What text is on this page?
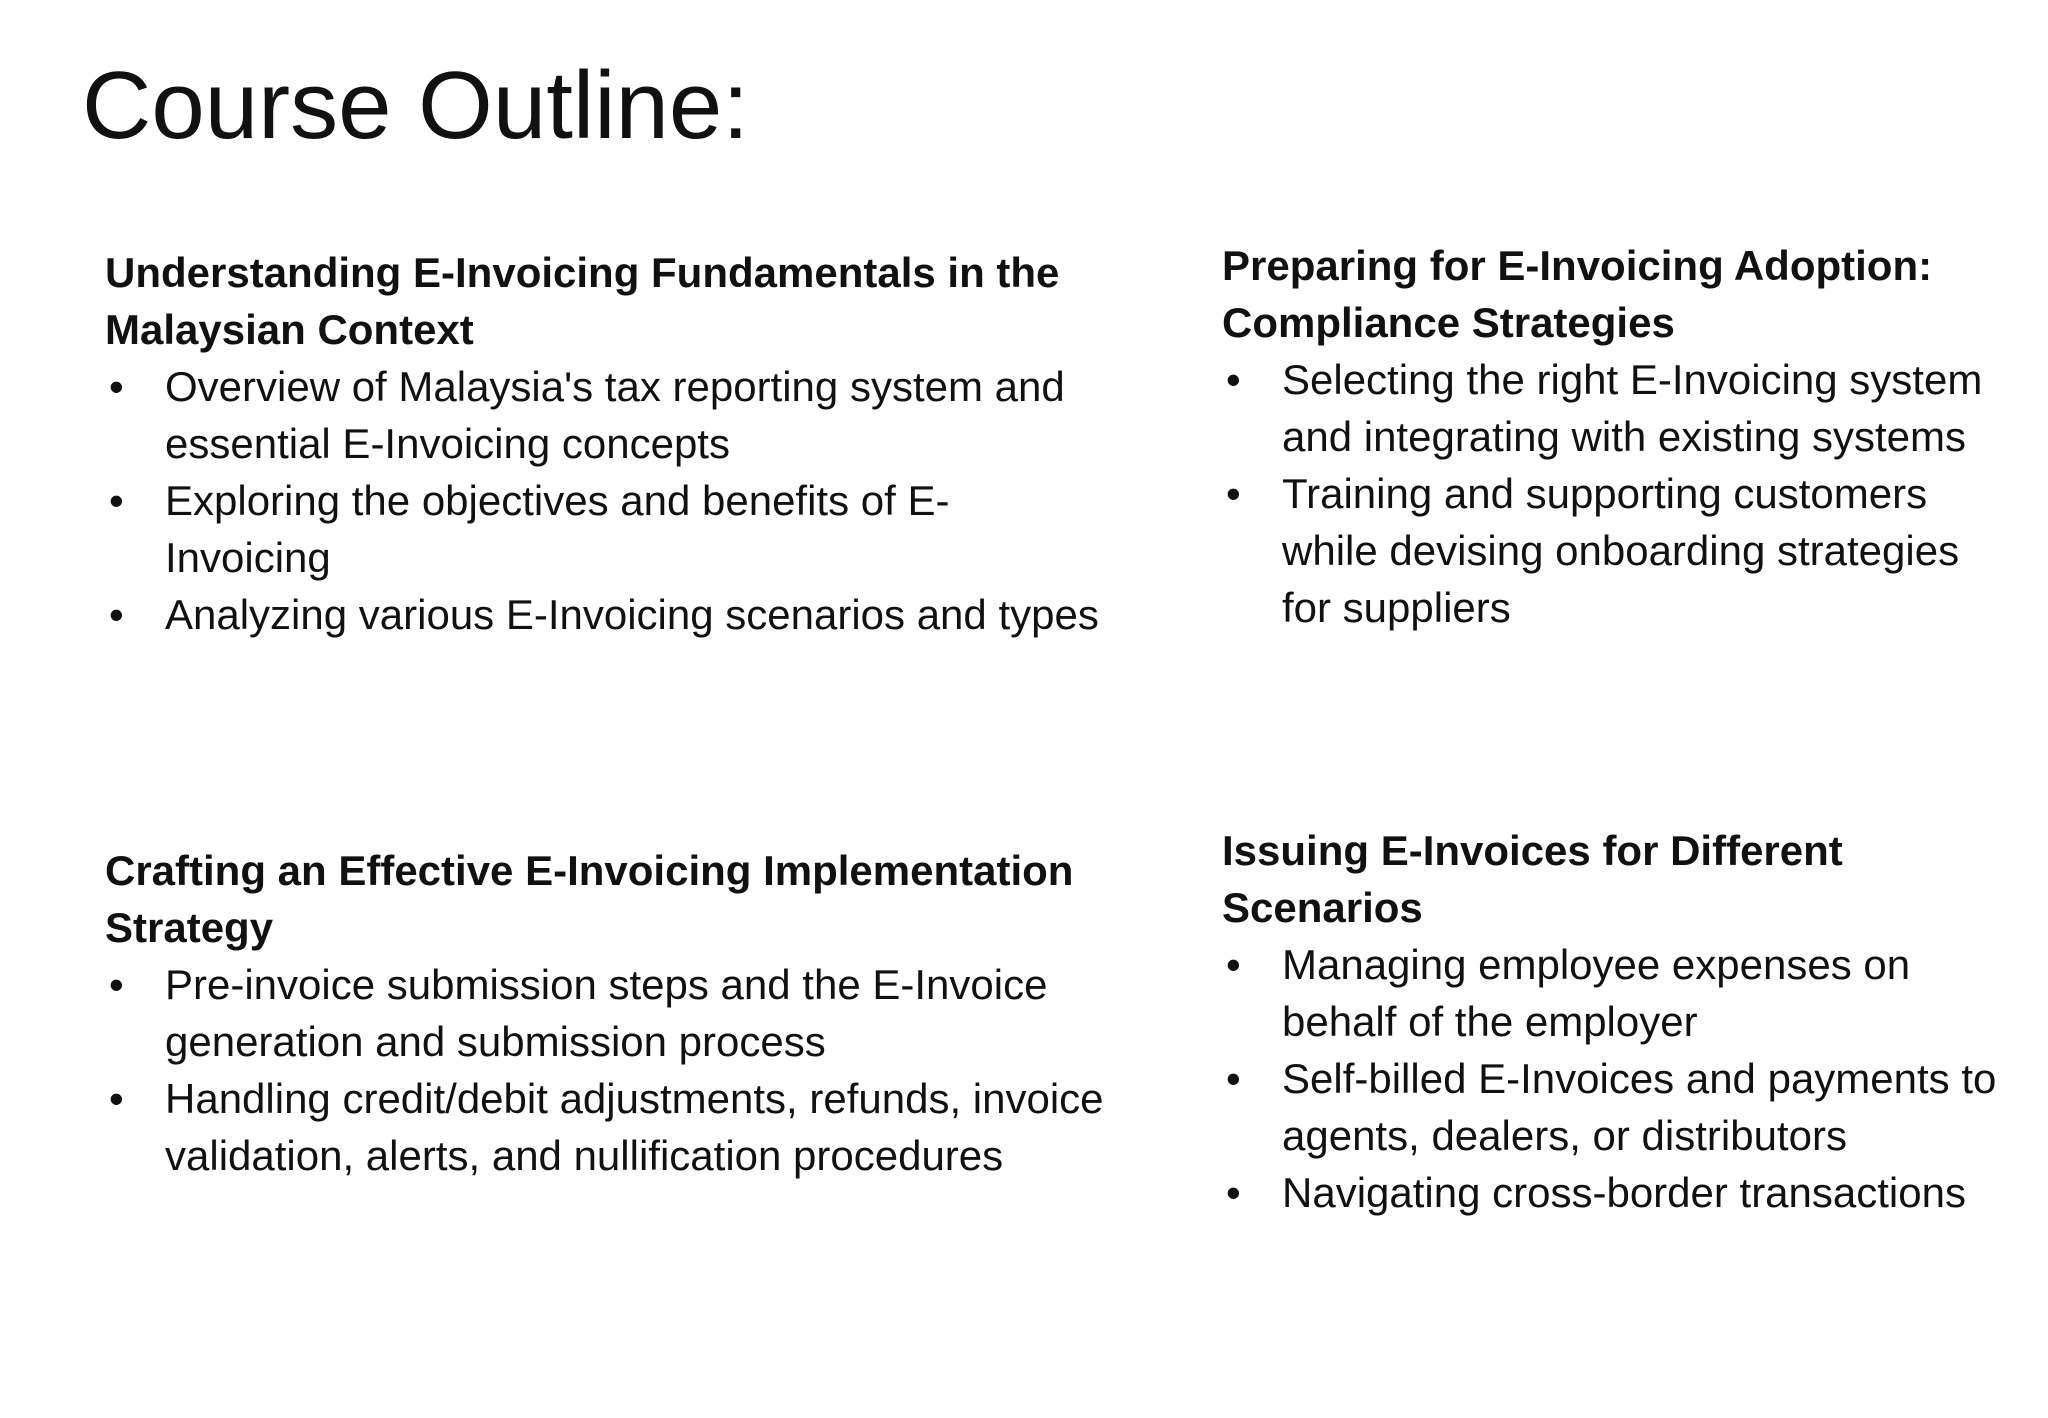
Course Outline:

Understanding E-Invoicing Fundamentals in the Malaysian Context

• Overview of Malaysia's tax reporting system and essential E-Invoicing concepts
• Exploring the objectives and benefits of E-Invoicing
• Analyzing various E-Invoicing scenarios and types

Preparing for E-Invoicing Adoption: Compliance Strategies

• Selecting the right E-Invoicing system and integrating with existing systems
• Training and supporting customers while devising onboarding strategies for suppliers

Crafting an Effective E-Invoicing Implementation Strategy

• Pre-invoice submission steps and the E-Invoice generation and submission process
• Handling credit/debit adjustments, refunds, invoice validation, alerts, and nullification procedures

Issuing E-Invoices for Different Scenarios

• Managing employee expenses on behalf of the employer
• Self-billed E-Invoices and payments to agents, dealers, or distributors
• Navigating cross-border transactions
